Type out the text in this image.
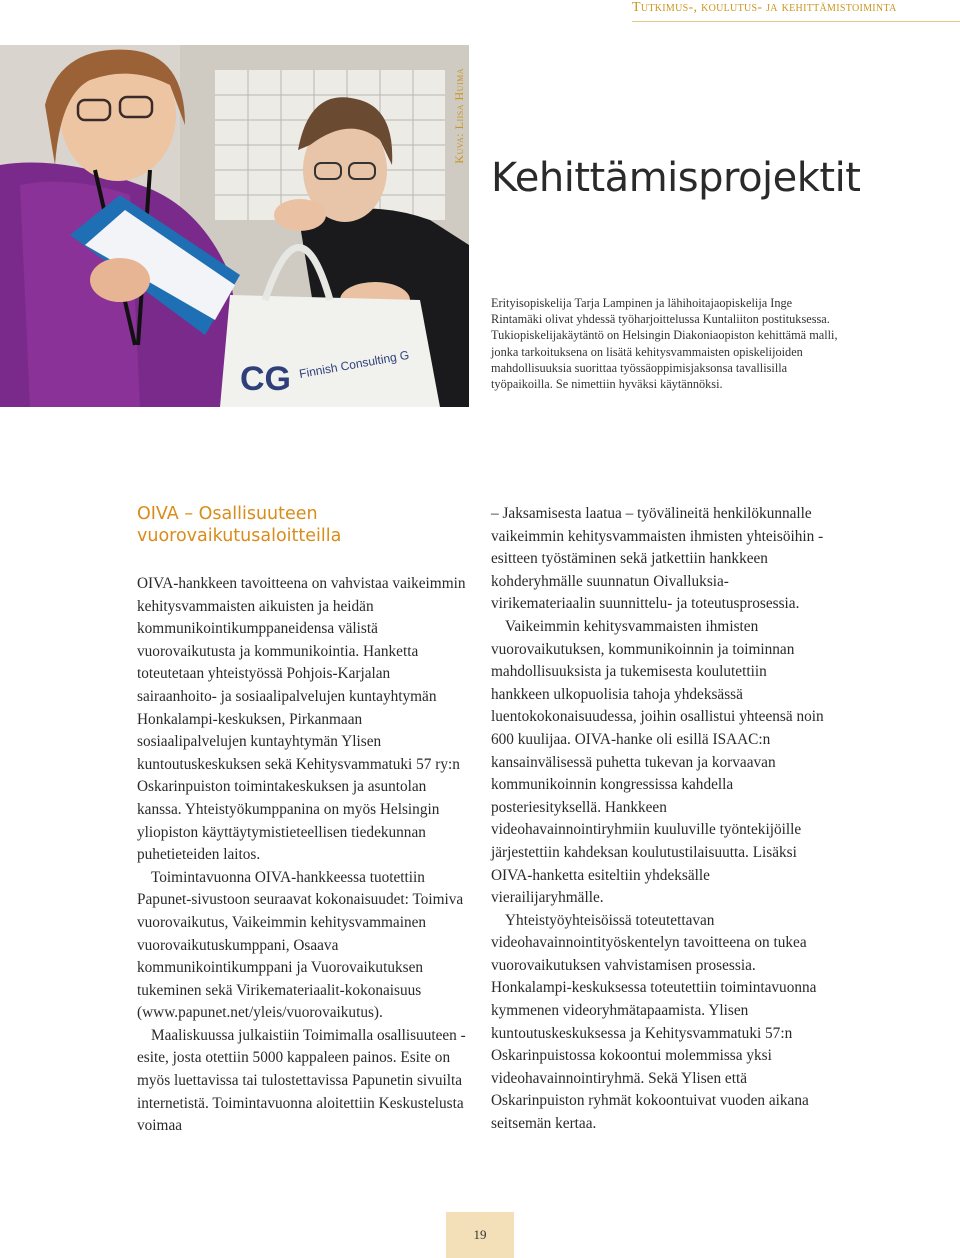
Tutkimus-, koulutus- ja kehittämistoiminta
CG Finnish Consulting G
Kuva: Liisa Huima
Kehittämisprojektit

Erityisopiskelija Tarja Lampinen ja lähihoitajaopiskelija Inge Rintamäki olivat yhdessä työharjoittelussa Kuntaliiton postituksessa. Tukiopiskelijakäytäntö on Helsingin Diakoniaopiston kehittämä malli, jonka tarkoituksena on lisätä kehitysvammaisten opiskelijoiden mahdollisuuksia suorittaa työssäoppimisjaksonsa tavallisilla työpaikoilla. Se nimettiin hyväksi käytännöksi.

OIVA – Osallisuuteen vuorovaikutusaloitteilla

OIVA-hankkeen tavoitteena on vahvistaa vaikeimmin kehitysvammaisten aikuisten ja heidän kommunikointikumppaneidensa välistä vuorovaikutusta ja kommunikointia. Hanketta toteutetaan yhteistyössä Pohjois-Karjalan sairaanhoito- ja sosiaalipalvelujen kuntayhtymän Honkalampi-keskuksen, Pirkanmaan sosiaalipalvelujen kuntayhtymän Ylisen kuntoutuskeskuksen sekä Kehitysvammatuki 57 ry:n Oskarinpuiston toimintakeskuksen ja asuntolan kanssa. Yhteistyökumppanina on myös Helsingin yliopiston käyttäytymistieteellisen tiedekunnan puhetieteiden laitos.

Toimintavuonna OIVA-hankkeessa tuotettiin Papunet-sivustoon seuraavat kokonaisuudet: Toimiva vuorovaikutus, Vaikeimmin kehitysvammainen vuorovaikutuskumppani, Osaava kommunikointikumppani ja Vuorovaikutuksen tukeminen sekä Virikemateriaalit-kokonaisuus (www.papunet.net/yleis/vuorovaikutus).

Maaliskuussa julkaistiin Toimimalla osallisuuteen -esite, josta otettiin 5000 kappaleen painos. Esite on myös luettavissa tai tulostettavissa Papunetin sivuilta internetistä. Toimintavuonna aloitettiin Keskustelusta voimaa

– Jaksamisesta laatua – työvälineitä henkilökunnalle vaikeimmin kehitysvammaisten ihmisten yhteisöihin -esitteen työstäminen sekä jatkettiin hankkeen kohderyhmälle suunnatun Oivalluksia-virikemateriaalin suunnittelu- ja toteutusprosessia.

Vaikeimmin kehitysvammaisten ihmisten vuorovaikutuksen, kommunikoinnin ja toiminnan mahdollisuuksista ja tukemisesta koulutettiin hankkeen ulkopuolisia tahoja yhdeksässä luentokokonaisuudessa, joihin osallistui yhteensä noin 600 kuulijaa. OIVA-hanke oli esillä ISAAC:n kansainvälisessä puhetta tukevan ja korvaavan kommunikoinnin kongressissa kahdella posteriesityksellä. Hankkeen videohavainnointiryhmiin kuuluville työntekijöille järjestettiin kahdeksan koulutustilaisuutta. Lisäksi OIVA-hanketta esiteltiin yhdeksälle vierailijaryhmälle.

Yhteistyöyhteisöissä toteutettavan videohavainnointityöskentelyn tavoitteena on tukea vuorovaikutuksen vahvistamisen prosessia. Honkalampi-keskuksessa toteutettiin toimintavuonna kymmenen videoryhmätapaamista. Ylisen kuntoutuskeskuksessa ja Kehitysvammatuki 57:n Oskarinpuistossa kokoontui molemmissa yksi videohavainnointiryhmä. Sekä Ylisen että Oskarinpuiston ryhmät kokoontuivat vuoden aikana seitsemän kertaa.

19
